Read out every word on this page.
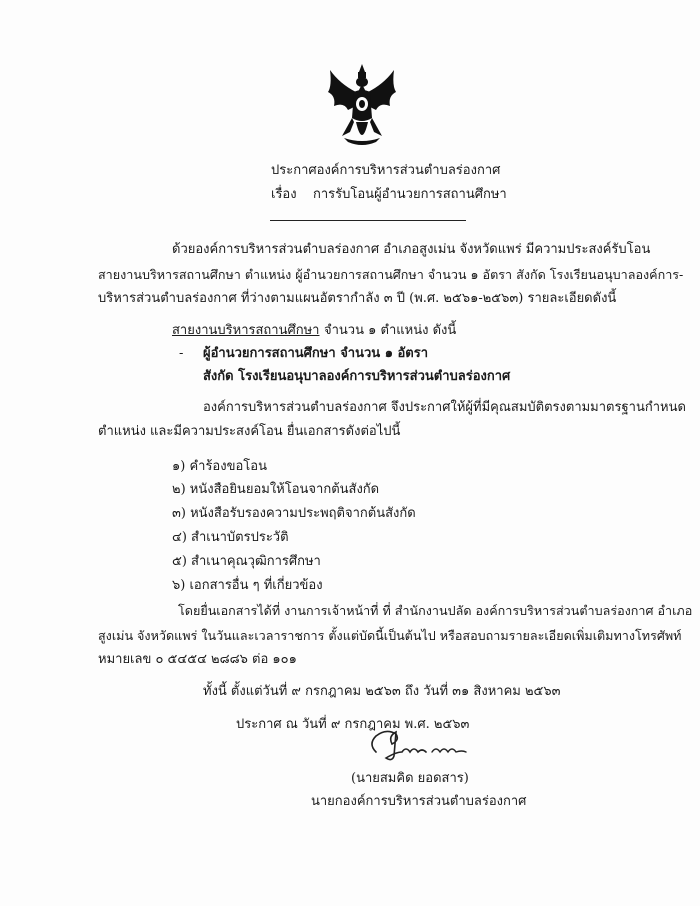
ประกาศองค์การบริหารส่วนตำบลร่องกาศ
เรื่อง การรับโอนผู้อำนวยการสถานศึกษา
ด้วยองค์การบริหารส่วนตำบลร่องกาศ อำเภอสูงเม่น จังหวัดแพร่ มีความประสงค์รับโอน
สายงานบริหารสถานศึกษา ตำแหน่ง ผู้อำนวยการสถานศึกษา จำนวน ๑ อัตรา สังกัด โรงเรียนอนุบาลองค์การ-
บริหารส่วนตำบลร่องกาศ ที่ว่างตามแผนอัตรากำลัง ๓ ปี (พ.ศ. ๒๕๖๑-๒๕๖๓) รายละเอียดดังนี้
สายงานบริหารสถานศึกษา จำนวน ๑ ตำแหน่ง ดังนี้
- ผู้อำนวยการสถานศึกษา จำนวน ๑ อัตรา
สังกัด โรงเรียนอนุบาลองค์การบริหารส่วนตำบลร่องกาศ
องค์การบริหารส่วนตำบลร่องกาศ จึงประกาศให้ผู้ที่มีคุณสมบัติตรงตามมาตรฐานกำหนด
ตำแหน่ง และมีความประสงค์โอน ยื่นเอกสารดังต่อไปนี้
๑) คำร้องขอโอน
๒) หนังสือยินยอมให้โอนจากต้นสังกัด
๓) หนังสือรับรองความประพฤติจากต้นสังกัด
๔) สำเนาบัตรประวัติ
๕) สำเนาคุณวุฒิการศึกษา
๖) เอกสารอื่น ๆ ที่เกี่ยวข้อง
โดยยื่นเอกสารได้ที่ งานการเจ้าหน้าที่ ที่ สำนักงานปลัด องค์การบริหารส่วนตำบลร่องกาศ อำเภอ
สูงเม่น จังหวัดแพร่ ในวันและเวลาราชการ ตั้งแต่บัดนี้เป็นต้นไป หรือสอบถามรายละเอียดเพิ่มเติมทางโทรศัพท์
หมายเลข ๐ ๕๔๕๔ ๒๘๘๖ ต่อ ๑๐๑
ทั้งนี้ ตั้งแต่วันที่ ๙ กรกฎาคม ๒๕๖๓ ถึง วันที่ ๓๑ สิงหาคม ๒๕๖๓
ประกาศ ณ วันที่ ๙ กรกฎาคม พ.ศ. ๒๕๖๓
(นายสมคิด ยอดสาร)
นายกองค์การบริหารส่วนตำบลร่องกาศ
